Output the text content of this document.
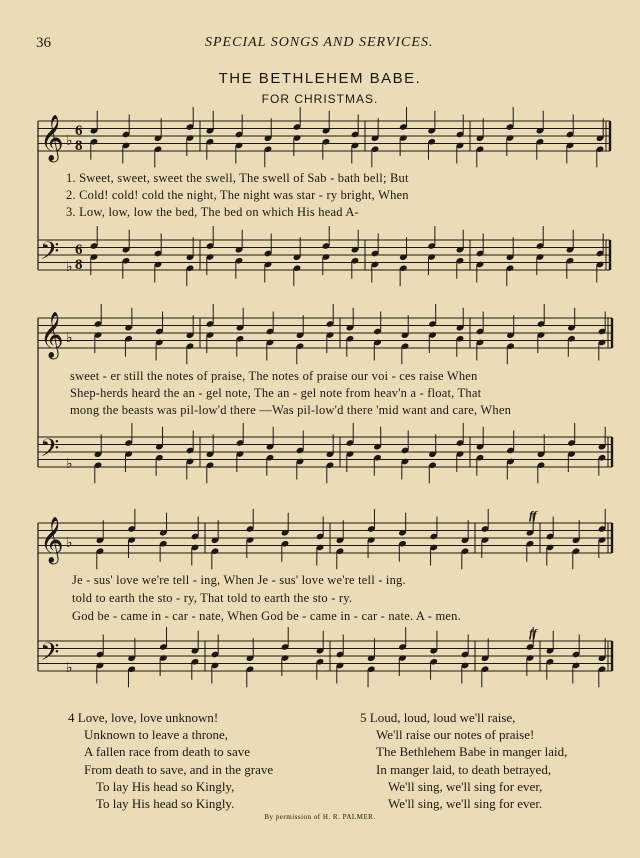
36	SPECIAL SONGS AND SERVICES.
THE BETHLEHEM BABE.
FOR CHRISTMAS.
𝄞
𝄢
♭
♭
6
8
6
8
𝄞
𝄢
♭
♭
𝄞
𝄢
♭
♭
1. Sweet, sweet, sweet the swell, The swell of Sab - bath bell; But
2. Cold! cold! cold the night, The night was star - ry bright, When
3. Low, low, low the bed, The bed on which His head A-
sweet - er still the notes of praise, The notes of praise our voi - ces raise When
Shep-herds heard the an - gel note, The an - gel note from heav'n a - float, That
mong the beasts was pil-low'd there —Was pil-low'd there 'mid want and care, When
Je - sus' love we're tell - ing, When Je - sus' love we're tell - ing.
told to earth the sto - ry, That told to earth the sto - ry.
God be - came in - car - nate, When God be - came in - car - nate. A - men.
ff
ff
4 Love, love, love unknown!
Unknown to leave a throne,
A fallen race from death to save
From death to save, and in the grave
To lay His head so Kingly,
To lay His head so Kingly.
5 Loud, loud, loud we'll raise,
We'll raise our notes of praise!
The Bethlehem Babe in manger laid,
In manger laid, to death betrayed,
We'll sing, we'll sing for ever,
We'll sing, we'll sing for ever.
By permission of H. R. PALMER.
